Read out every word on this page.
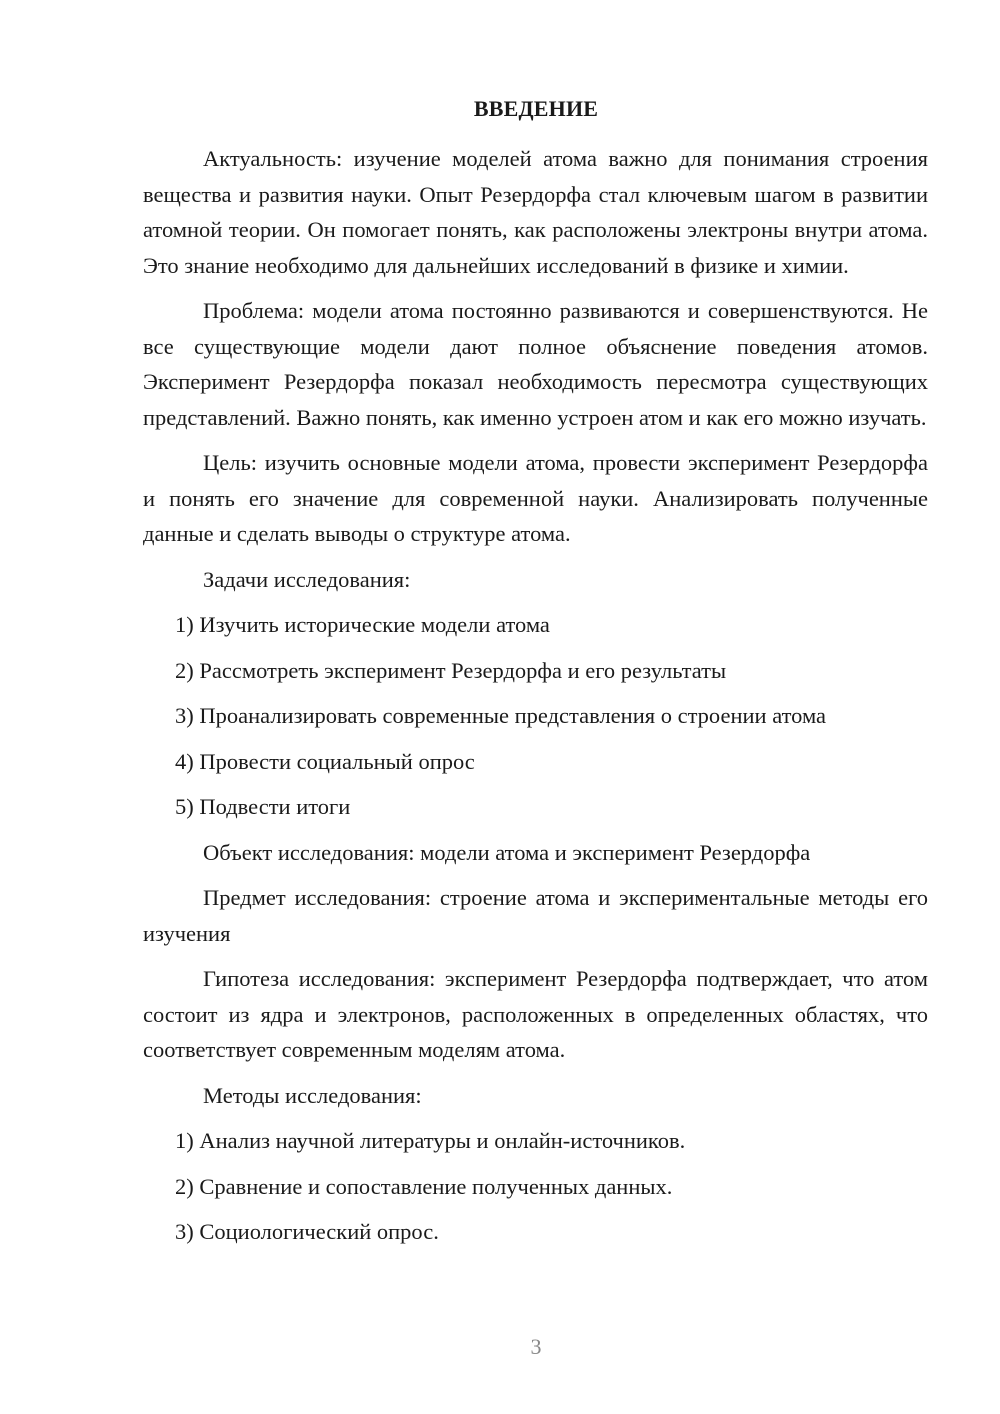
ВВЕДЕНИЕ

Актуальность: изучение моделей атома важно для понимания строения вещества и развития науки. Опыт Резердорфа стал ключевым шагом в развитии атомной теории. Он помогает понять, как расположены электроны внутри атома. Это знание необходимо для дальнейших исследований в физике и химии.

Проблема: модели атома постоянно развиваются и совершенствуются. Не все существующие модели дают полное объяснение поведения атомов. Эксперимент Резердорфа показал необходимость пересмотра существующих представлений. Важно понять, как именно устроен атом и как его можно изучать.

Цель: изучить основные модели атома, провести эксперимент Резердорфа и понять его значение для современной науки. Анализировать полученные данные и сделать выводы о структуре атома.

Задачи исследования:

1) Изучить исторические модели атома

2) Рассмотреть эксперимент Резердорфа и его результаты

3) Проанализировать современные представления о строении атома

4) Провести социальный опрос

5) Подвести итоги

Объект исследования: модели атома и эксперимент Резердорфа

Предмет исследования: строение атома и экспериментальные методы его изучения

Гипотеза исследования: эксперимент Резердорфа подтверждает, что атом состоит из ядра и электронов, расположенных в определенных областях, что соответствует современным моделям атома.

Методы исследования:

1) Анализ научной литературы и онлайн-источников.

2) Сравнение и сопоставление полученных данных.

3) Социологический опрос.

3
